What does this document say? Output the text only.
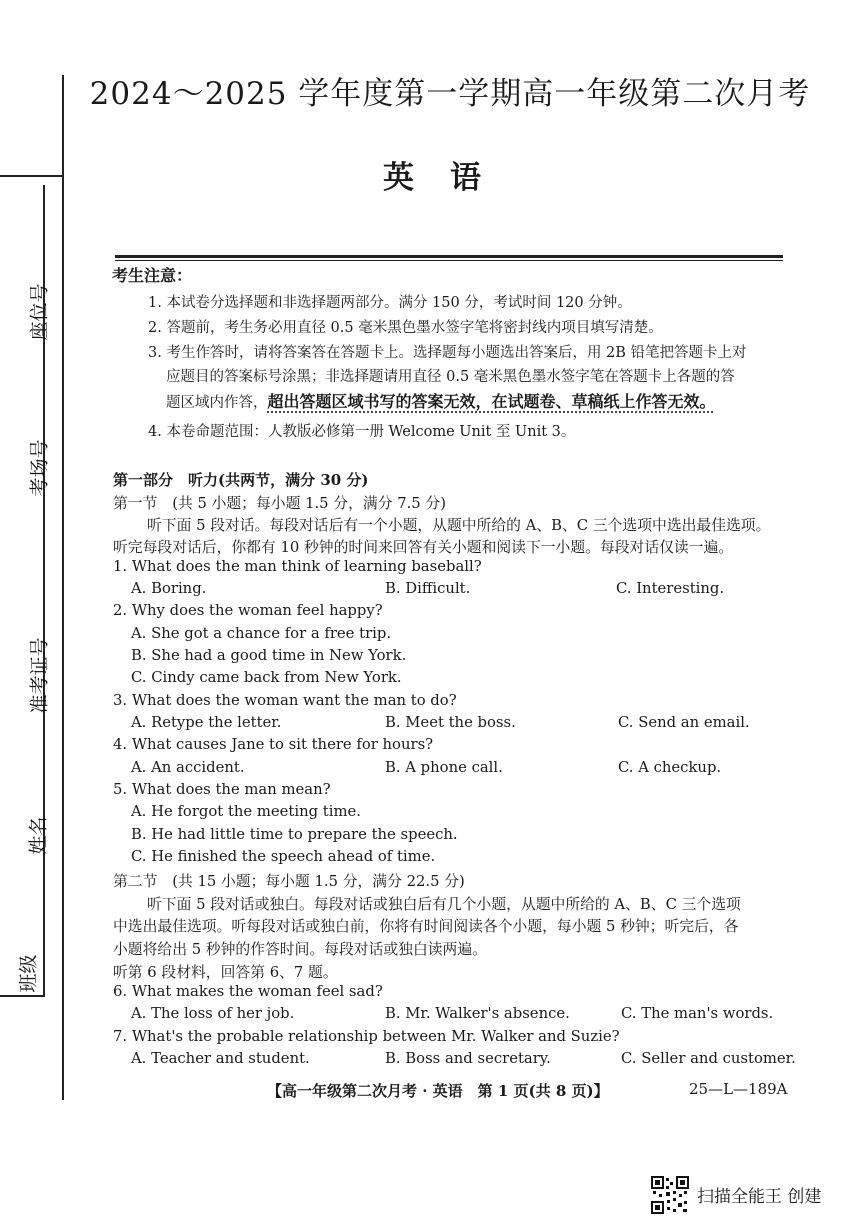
座位号
考场号
准考证号
姓名
班级
2024～2025 学年度第一学期高一年级第二次月考
英语
考生注意：
1. 本试卷分选择题和非选择题两部分。满分 150 分，考试时间 120 分钟。
2. 答题前，考生务必用直径 0.5 毫米黑色墨水签字笔将密封线内项目填写清楚。
3. 考生作答时，请将答案答在答题卡上。选择题每小题选出答案后，用 2B 铅笔把答题卡上对
应题目的答案标号涂黑；非选择题请用直径 0.5 毫米黑色墨水签字笔在答题卡上各题的答
题区域内作答，超出答题区域书写的答案无效，在试题卷、草稿纸上作答无效。
4. 本卷命题范围：人教版必修第一册 Welcome Unit 至 Unit 3。
第一部分　听力(共两节，满分 30 分)
第一节　(共 5 小题；每小题 1.5 分，满分 7.5 分)
听下面 5 段对话。每段对话后有一个小题，从题中所给的 A、B、C 三个选项中选出最佳选项。
听完每段对话后，你都有 10 秒钟的时间来回答有关小题和阅读下一小题。每段对话仅读一遍。
1. What does the man think of learning baseball?
A. Boring.	B. Difficult.	C. Interesting.
2. Why does the woman feel happy?
A. She got a chance for a free trip.
B. She had a good time in New York.
C. Cindy came back from New York.
3. What does the woman want the man to do?
A. Retype the letter.	B. Meet the boss.	C. Send an email.
4. What causes Jane to sit there for hours?
A. An accident.	B. A phone call.	C. A checkup.
5. What does the man mean?
A. He forgot the meeting time.
B. He had little time to prepare the speech.
C. He finished the speech ahead of time.
第二节　(共 15 小题；每小题 1.5 分，满分 22.5 分)
听下面 5 段对话或独白。每段对话或独白后有几个小题，从题中所给的 A、B、C 三个选项
中选出最佳选项。听每段对话或独白前，你将有时间阅读各个小题，每小题 5 秒钟；听完后，各
小题将给出 5 秒钟的作答时间。每段对话或独白读两遍。
听第 6 段材料，回答第 6、7 题。
6. What makes the woman feel sad?
A. The loss of her job.	B. Mr. Walker's absence.	C. The man's words.
7. What's the probable relationship between Mr. Walker and Suzie?
A. Teacher and student.	B. Boss and secretary.	C. Seller and customer.
【高一年级第二次月考 · 英语　第 1 页(共 8 页)】	25—L—189A
扫描全能王 创建
